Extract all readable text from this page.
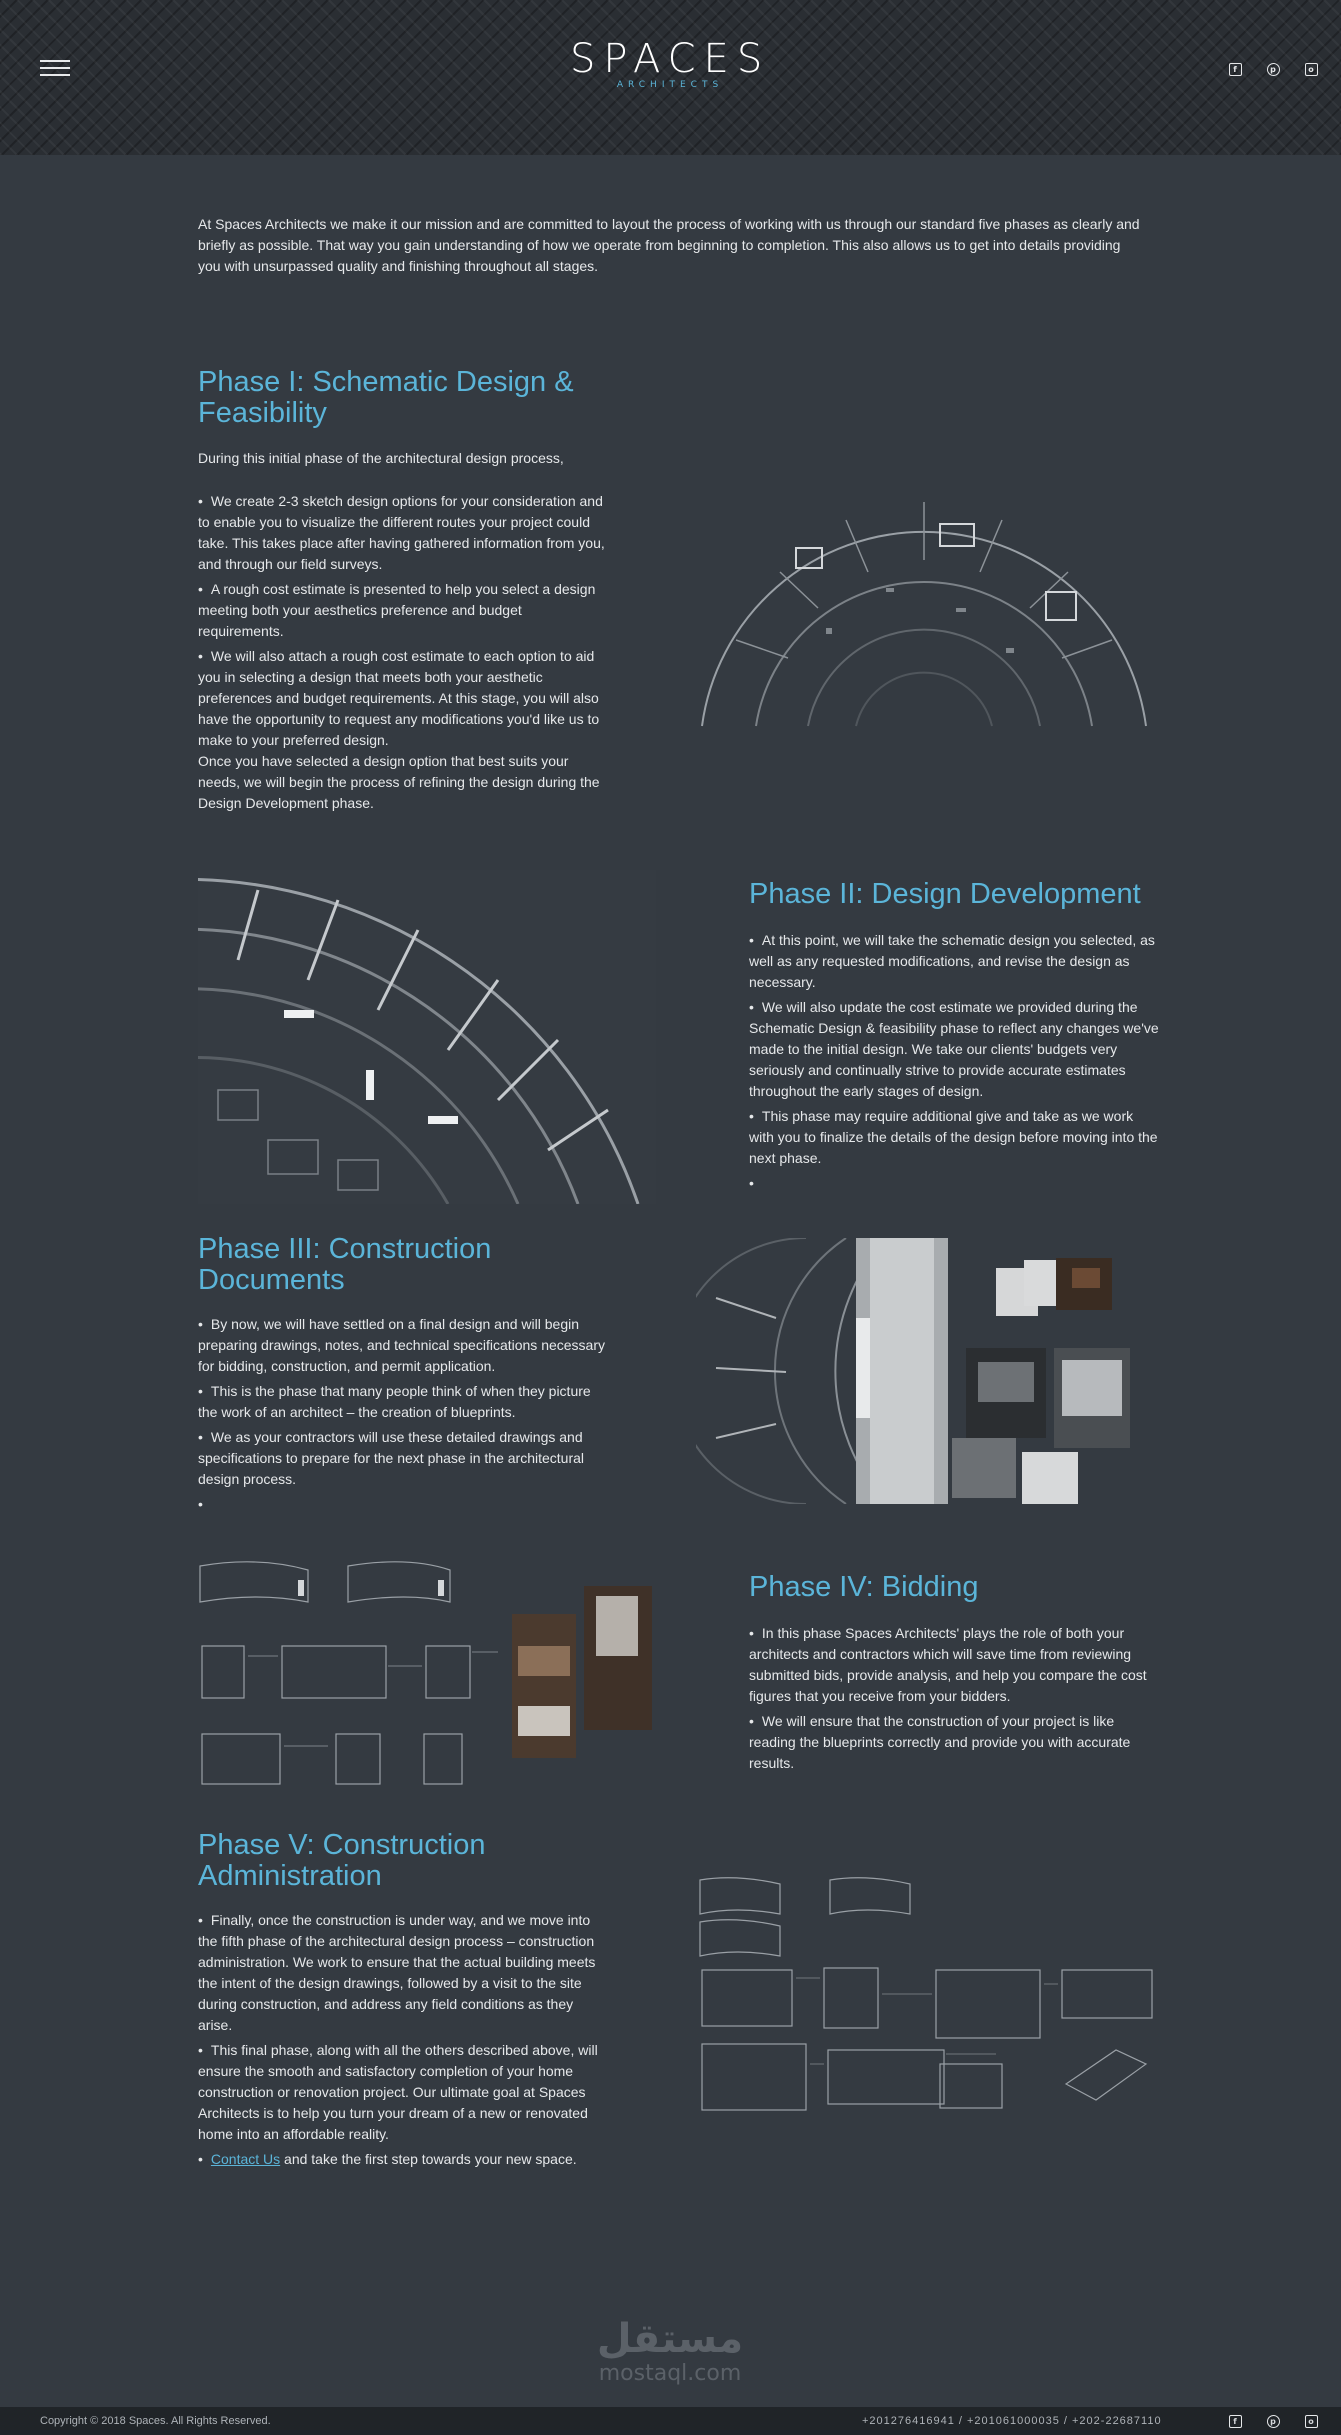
SPACES
ARCHITECTS
f	p	o
At Spaces Architects we make it our mission and are committed to layout the process of working with us through our standard five phases as clearly and briefly as possible. That way you gain understanding of how we operate from beginning to completion. This also allows us to get into details providing you with unsurpassed quality and finishing throughout all stages.
Phase I: Schematic Design & Feasibility

During this initial phase of the architectural design process,

• We create 2-3 sketch design options for your consideration and to enable you to visualize the different routes your project could take. This takes place after having gathered information from you, and through our field surveys.
• A rough cost estimate is presented to help you select a design meeting both your aesthetics preference and budget requirements.
• We will also attach a rough cost estimate to each option to aid you in selecting a design that meets both your aesthetic preferences and budget requirements. At this stage, you will also have the opportunity to request any modifications you'd like us to make to your preferred design.

Once you have selected a design option that best suits your needs, we will begin the process of refining the design during the Design Development phase.

Phase II: Design Development
• At this point, we will take the schematic design you selected, as well as any requested modifications, and revise the design as necessary.
• We will also update the cost estimate we provided during the Schematic Design & feasibility phase to reflect any changes we've made to the initial design. We take our clients' budgets very seriously and continually strive to provide accurate estimates throughout the early stages of design.
• This phase may require additional give and take as we work with you to finalize the details of the design before moving into the next phase.
•
Phase III: Construction Documents
• By now, we will have settled on a final design and will begin preparing drawings, notes, and technical specifications necessary for bidding, construction, and permit application.
• This is the phase that many people think of when they picture the work of an architect – the creation of blueprints.
• We as your contractors will use these detailed drawings and specifications to prepare for the next phase in the architectural design process.
•
Phase IV: Bidding
• In this phase Spaces Architects' plays the role of both your architects and contractors which will save time from reviewing submitted bids, provide analysis, and help you compare the cost figures that you receive from your bidders.
• We will ensure that the construction of your project is like reading the blueprints correctly and provide you with accurate results.
Phase V: Construction Administration
• Finally, once the construction is under way, and we move into the fifth phase of the architectural design process – construction administration. We work to ensure that the actual building meets the intent of the design drawings, followed by a visit to the site during construction, and address any field conditions as they arise.
• This final phase, along with all the others described above, will ensure the smooth and satisfactory completion of your home construction or renovation project. Our ultimate goal at Spaces Architects is to help you turn your dream of a new or renovated home into an affordable reality.
• Contact Us and take the first step towards your new space.
مستقل
mostaql.com
Copyright © 2018 Spaces. All Rights Reserved.	+201276416941 / +201061000035 / +202-22687110	f	p	o
